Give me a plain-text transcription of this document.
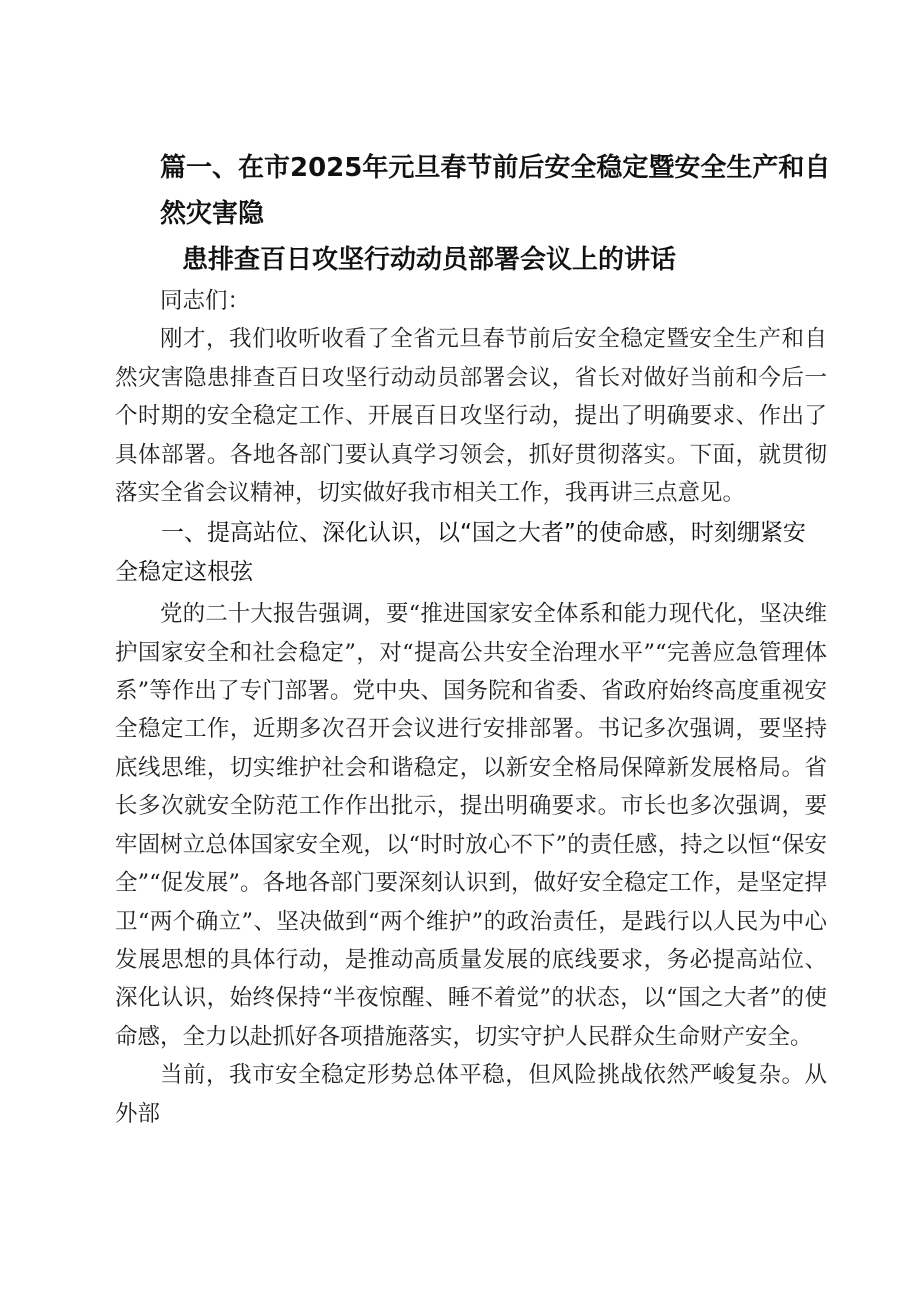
篇一、在市2025年元旦春节前后安全稳定暨安全生产和自然灾害隐
患排查百日攻坚行动动员部署会议上的讲话

同志们：

刚才，我们收听收看了全省元旦春节前后安全稳定暨安全生产和自然灾害隐患排查百日攻坚行动动员部署会议，省长对做好当前和今后一个时期的安全稳定工作、开展百日攻坚行动，提出了明确要求、作出了具体部署。各地各部门要认真学习领会，抓好贯彻落实。下面，就贯彻落实全省会议精神，切实做好我市相关工作，我再讲三点意见。

一、提高站位、深化认识，以“国之大者”的使命感，时刻绷紧安全稳定这根弦

党的二十大报告强调，要“推进国家安全体系和能力现代化，坚决维护国家安全和社会稳定”，对“提高公共安全治理水平”“完善应急管理体系”等作出了专门部署。党中央、国务院和省委、省政府始终高度重视安全稳定工作，近期多次召开会议进行安排部署。书记多次强调，要坚持底线思维，切实维护社会和谐稳定，以新安全格局保障新发展格局。省长多次就安全防范工作作出批示，提出明确要求。市长也多次强调，要牢固树立总体国家安全观，以“时时放心不下”的责任感，持之以恒“保安全”“促发展”。各地各部门要深刻认识到，做好安全稳定工作，是坚定捍卫“两个确立”、坚决做到“两个维护”的政治责任，是践行以人民为中心发展思想的具体行动，是推动高质量发展的底线要求，务必提高站位、深化认识，始终保持“半夜惊醒、睡不着觉”的状态，以“国之大者”的使命感，全力以赴抓好各项措施落实，切实守护人民群众生命财产安全。

当前，我市安全稳定形势总体平稳，但风险挑战依然严峻复杂。从外部
